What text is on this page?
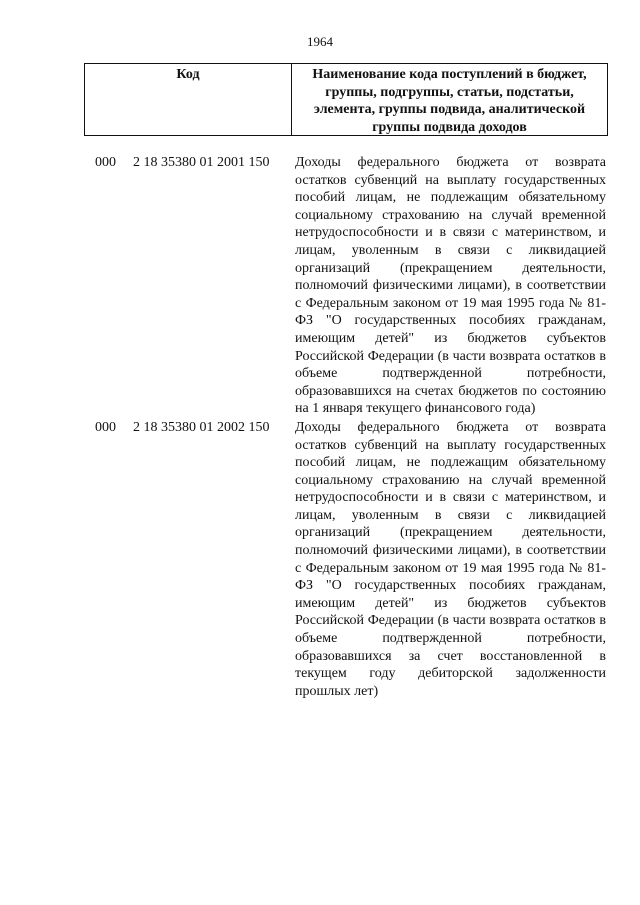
1964
Код	Наименование кода поступлений в бюджет, группы, подгруппы, статьи, подстатьи, элемента, группы подвида, аналитической группы подвида доходов
000	2 18 35380 01 2001 150	Доходы федерального бюджета от возврата остатков субвенций на выплату государственных пособий лицам, не подлежащим обязательному социальному страхованию на случай временной нетрудоспособности и в связи с материнством, и лицам, уволенным в связи с ликвидацией организаций (прекращением деятельности, полномочий физическими лицами), в соответствии с Федеральным законом от 19 мая 1995 года № 81-ФЗ "О государственных пособиях гражданам, имеющим детей" из бюджетов субъектов Российской Федерации (в части возврата остатков в объеме подтвержденной потребности, образовавшихся на счетах бюджетов по состоянию на 1 января текущего финансового года)
000	2 18 35380 01 2002 150	Доходы федерального бюджета от возврата остатков субвенций на выплату государственных пособий лицам, не подлежащим обязательному социальному страхованию на случай временной нетрудоспособности и в связи с материнством, и лицам, уволенным в связи с ликвидацией организаций (прекращением деятельности, полномочий физическими лицами), в соответствии с Федеральным законом от 19 мая 1995 года № 81-ФЗ "О государственных пособиях гражданам, имеющим детей" из бюджетов субъектов Российской Федерации (в части возврата остатков в объеме подтвержденной потребности, образовавшихся за счет восстановленной в текущем году дебиторской задолженности прошлых лет)
